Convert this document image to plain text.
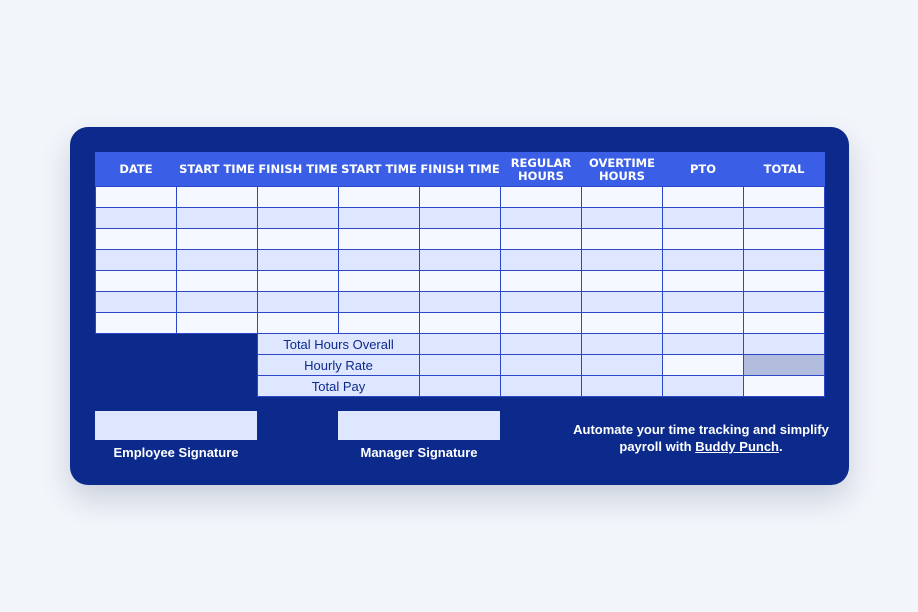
DATE	START TIME	FINISH TIME	START TIME	FINISH TIME	REGULAR HOURS	OVERTIME HOURS	PTO	TOTAL

		Total Hours Overall						
		Hourly Rate						
		Total Pay						
Employee Signature	Manager Signature
Automate your time tracking and simplify payroll with Buddy Punch.
